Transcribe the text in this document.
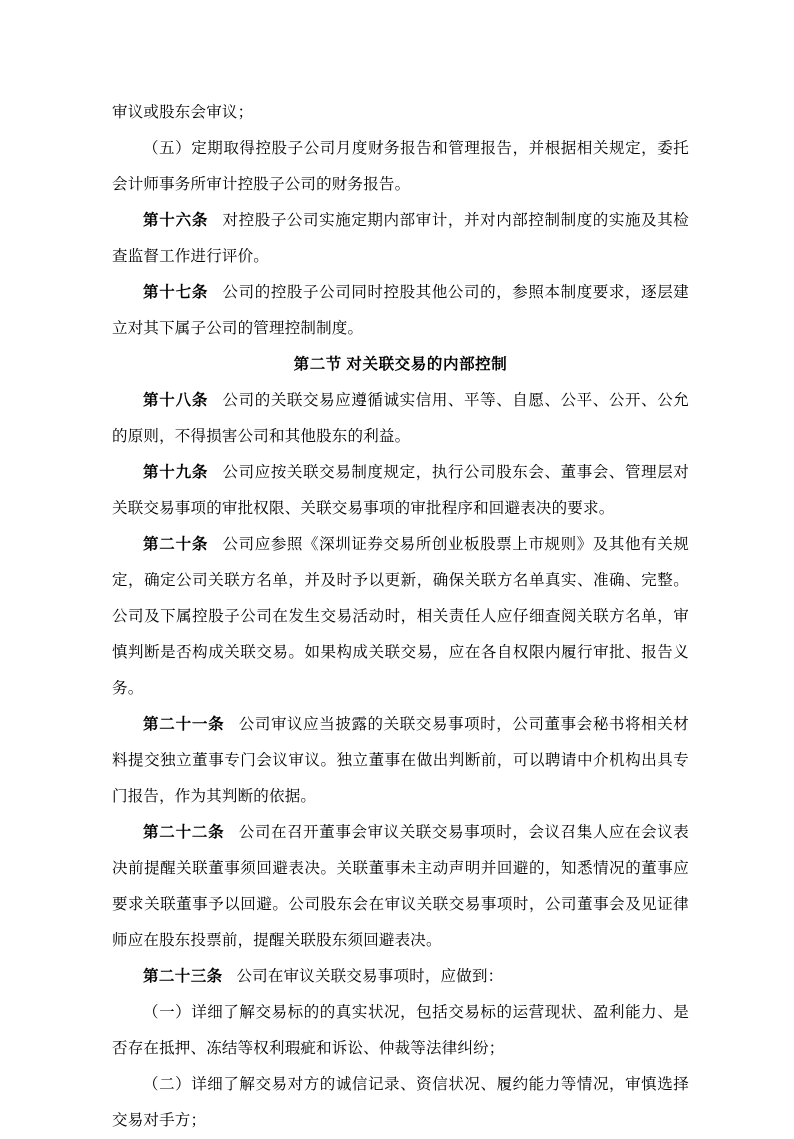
审议或股东会审议；

（五）定期取得控股子公司月度财务报告和管理报告，并根据相关规定，委托会计师事务所审计控股子公司的财务报告。

第十六条 对控股子公司实施定期内部审计，并对内部控制制度的实施及其检查监督工作进行评价。

第十七条 公司的控股子公司同时控股其他公司的，参照本制度要求，逐层建立对其下属子公司的管理控制制度。

第二节 对关联交易的内部控制

第十八条 公司的关联交易应遵循诚实信用、平等、自愿、公平、公开、公允的原则，不得损害公司和其他股东的利益。

第十九条 公司应按关联交易制度规定，执行公司股东会、董事会、管理层对关联交易事项的审批权限、关联交易事项的审批程序和回避表决的要求。

第二十条 公司应参照《深圳证券交易所创业板股票上市规则》及其他有关规定，确定公司关联方名单，并及时予以更新，确保关联方名单真实、准确、完整。公司及下属控股子公司在发生交易活动时，相关责任人应仔细查阅关联方名单，审慎判断是否构成关联交易。如果构成关联交易，应在各自权限内履行审批、报告义务。

第二十一条 公司审议应当披露的关联交易事项时，公司董事会秘书将相关材料提交独立董事专门会议审议。独立董事在做出判断前，可以聘请中介机构出具专门报告，作为其判断的依据。

第二十二条 公司在召开董事会审议关联交易事项时，会议召集人应在会议表决前提醒关联董事须回避表决。关联董事未主动声明并回避的，知悉情况的董事应要求关联董事予以回避。公司股东会在审议关联交易事项时，公司董事会及见证律师应在股东投票前，提醒关联股东须回避表决。

第二十三条 公司在审议关联交易事项时，应做到：

（一）详细了解交易标的的真实状况，包括交易标的运营现状、盈利能力、是否存在抵押、冻结等权利瑕疵和诉讼、仲裁等法律纠纷；

（二）详细了解交易对方的诚信记录、资信状况、履约能力等情况，审慎选择交易对手方；
